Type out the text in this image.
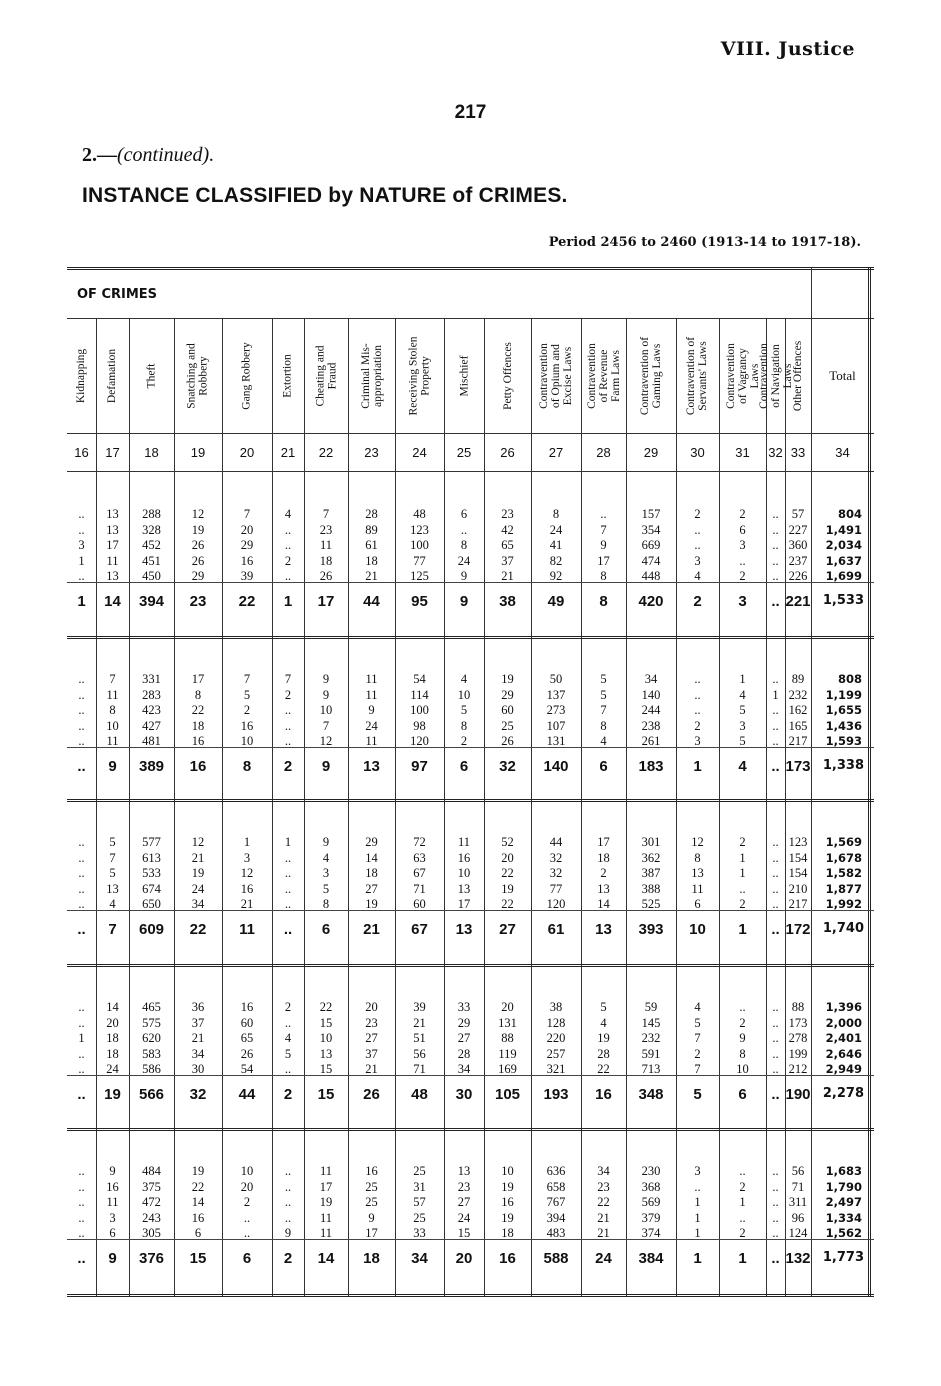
VIII. Justice
217
2.—(continued).
INSTANCE CLASSIFIED by NATURE of CRIMES.
Period 2456 to 2460 (1913-14 to 1917-18).
OF CRIMES
Kidnapping
16
Defamation
17
Theft
18
Snatching and
Robbery
19
Gang Robbery
20
Extortion
21
Cheating and
Fraud
22
Criminal Mis-
appropriation
23
Receiving Stolen
Property
24
Mischief
25
Petty Offences
26
Contravention
of Opium and
Excise Laws
27
Contravention
of Revenue
Farm Laws
28
Contravention of
Gaming Laws
29
Contravention of
Servants' Laws
30
Contravention
of Vagrancy
Laws
31
Contravention
of Navigation
Laws
32
Other Offences
33
Total
34
..
..
3
1
..
1
13
13
17
11
13
14
288
328
452
451
450
394
12
19
26
26
29
23
7
20
29
16
39
22
4
..
..
2
..
1
7
23
11
18
26
17
28
89
61
18
21
44
48
123
100
77
125
95
6
..
8
24
9
9
23
42
65
37
21
38
8
24
41
82
92
49
..
7
9
17
8
8
157
354
669
474
448
420
2
..
..
3
4
2
2
6
3
..
2
3
..
..
..
..
..
..
57
227
360
237
226
221
804
1,491
2,034
1,637
1,699
1,533
..
..
..
..
..
..
7
11
8
10
11
9
331
283
423
427
481
389
17
8
22
18
16
16
7
5
2
16
10
8
7
2
..
..
..
2
9
9
10
7
12
9
11
11
9
24
11
13
54
114
100
98
120
97
4
10
5
8
2
6
19
29
60
25
26
32
50
137
273
107
131
140
5
5
7
8
4
6
34
140
244
238
261
183
..
..
..
2
3
1
1
4
5
3
5
4
..
1
..
..
..
..
89
232
162
165
217
173
808
1,199
1,655
1,436
1,593
1,338
..
..
..
..
..
..
5
7
5
13
4
7
577
613
533
674
650
609
12
21
19
24
34
22
1
3
12
16
21
11
1
..
..
..
..
..
9
4
3
5
8
6
29
14
18
27
19
21
72
63
67
71
60
67
11
16
10
13
17
13
52
20
22
19
22
27
44
32
32
77
120
61
17
18
2
13
14
13
301
362
387
388
525
393
12
8
13
11
6
10
2
1
1
..
2
1
..
..
..
..
..
..
123
154
154
210
217
172
1,569
1,678
1,582
1,877
1,992
1,740
..
..
1
..
..
..
14
20
18
18
24
19
465
575
620
583
586
566
36
37
21
34
30
32
16
60
65
26
54
44
2
..
4
5
..
2
22
15
10
13
15
15
20
23
27
37
21
26
39
21
51
56
71
48
33
29
27
28
34
30
20
131
88
119
169
105
38
128
220
257
321
193
5
4
19
28
22
16
59
145
232
591
713
348
4
5
7
2
7
5
..
2
9
8
10
6
..
..
..
..
..
..
88
173
278
199
212
190
1,396
2,000
2,401
2,646
2,949
2,278
..
..
..
..
..
..
9
16
11
3
6
9
484
375
472
243
305
376
19
22
14
16
6
15
10
20
2
..
..
6
..
..
..
..
9
2
11
17
19
11
11
14
16
25
25
9
17
18
25
31
57
25
33
34
13
23
27
24
15
20
10
19
16
19
18
16
636
658
767
394
483
588
34
23
22
21
21
24
230
368
569
379
374
384
3
..
1
1
1
1
..
2
1
..
2
1
..
..
..
..
..
..
56
71
311
96
124
132
1,683
1,790
2,497
1,334
1,562
1,773
